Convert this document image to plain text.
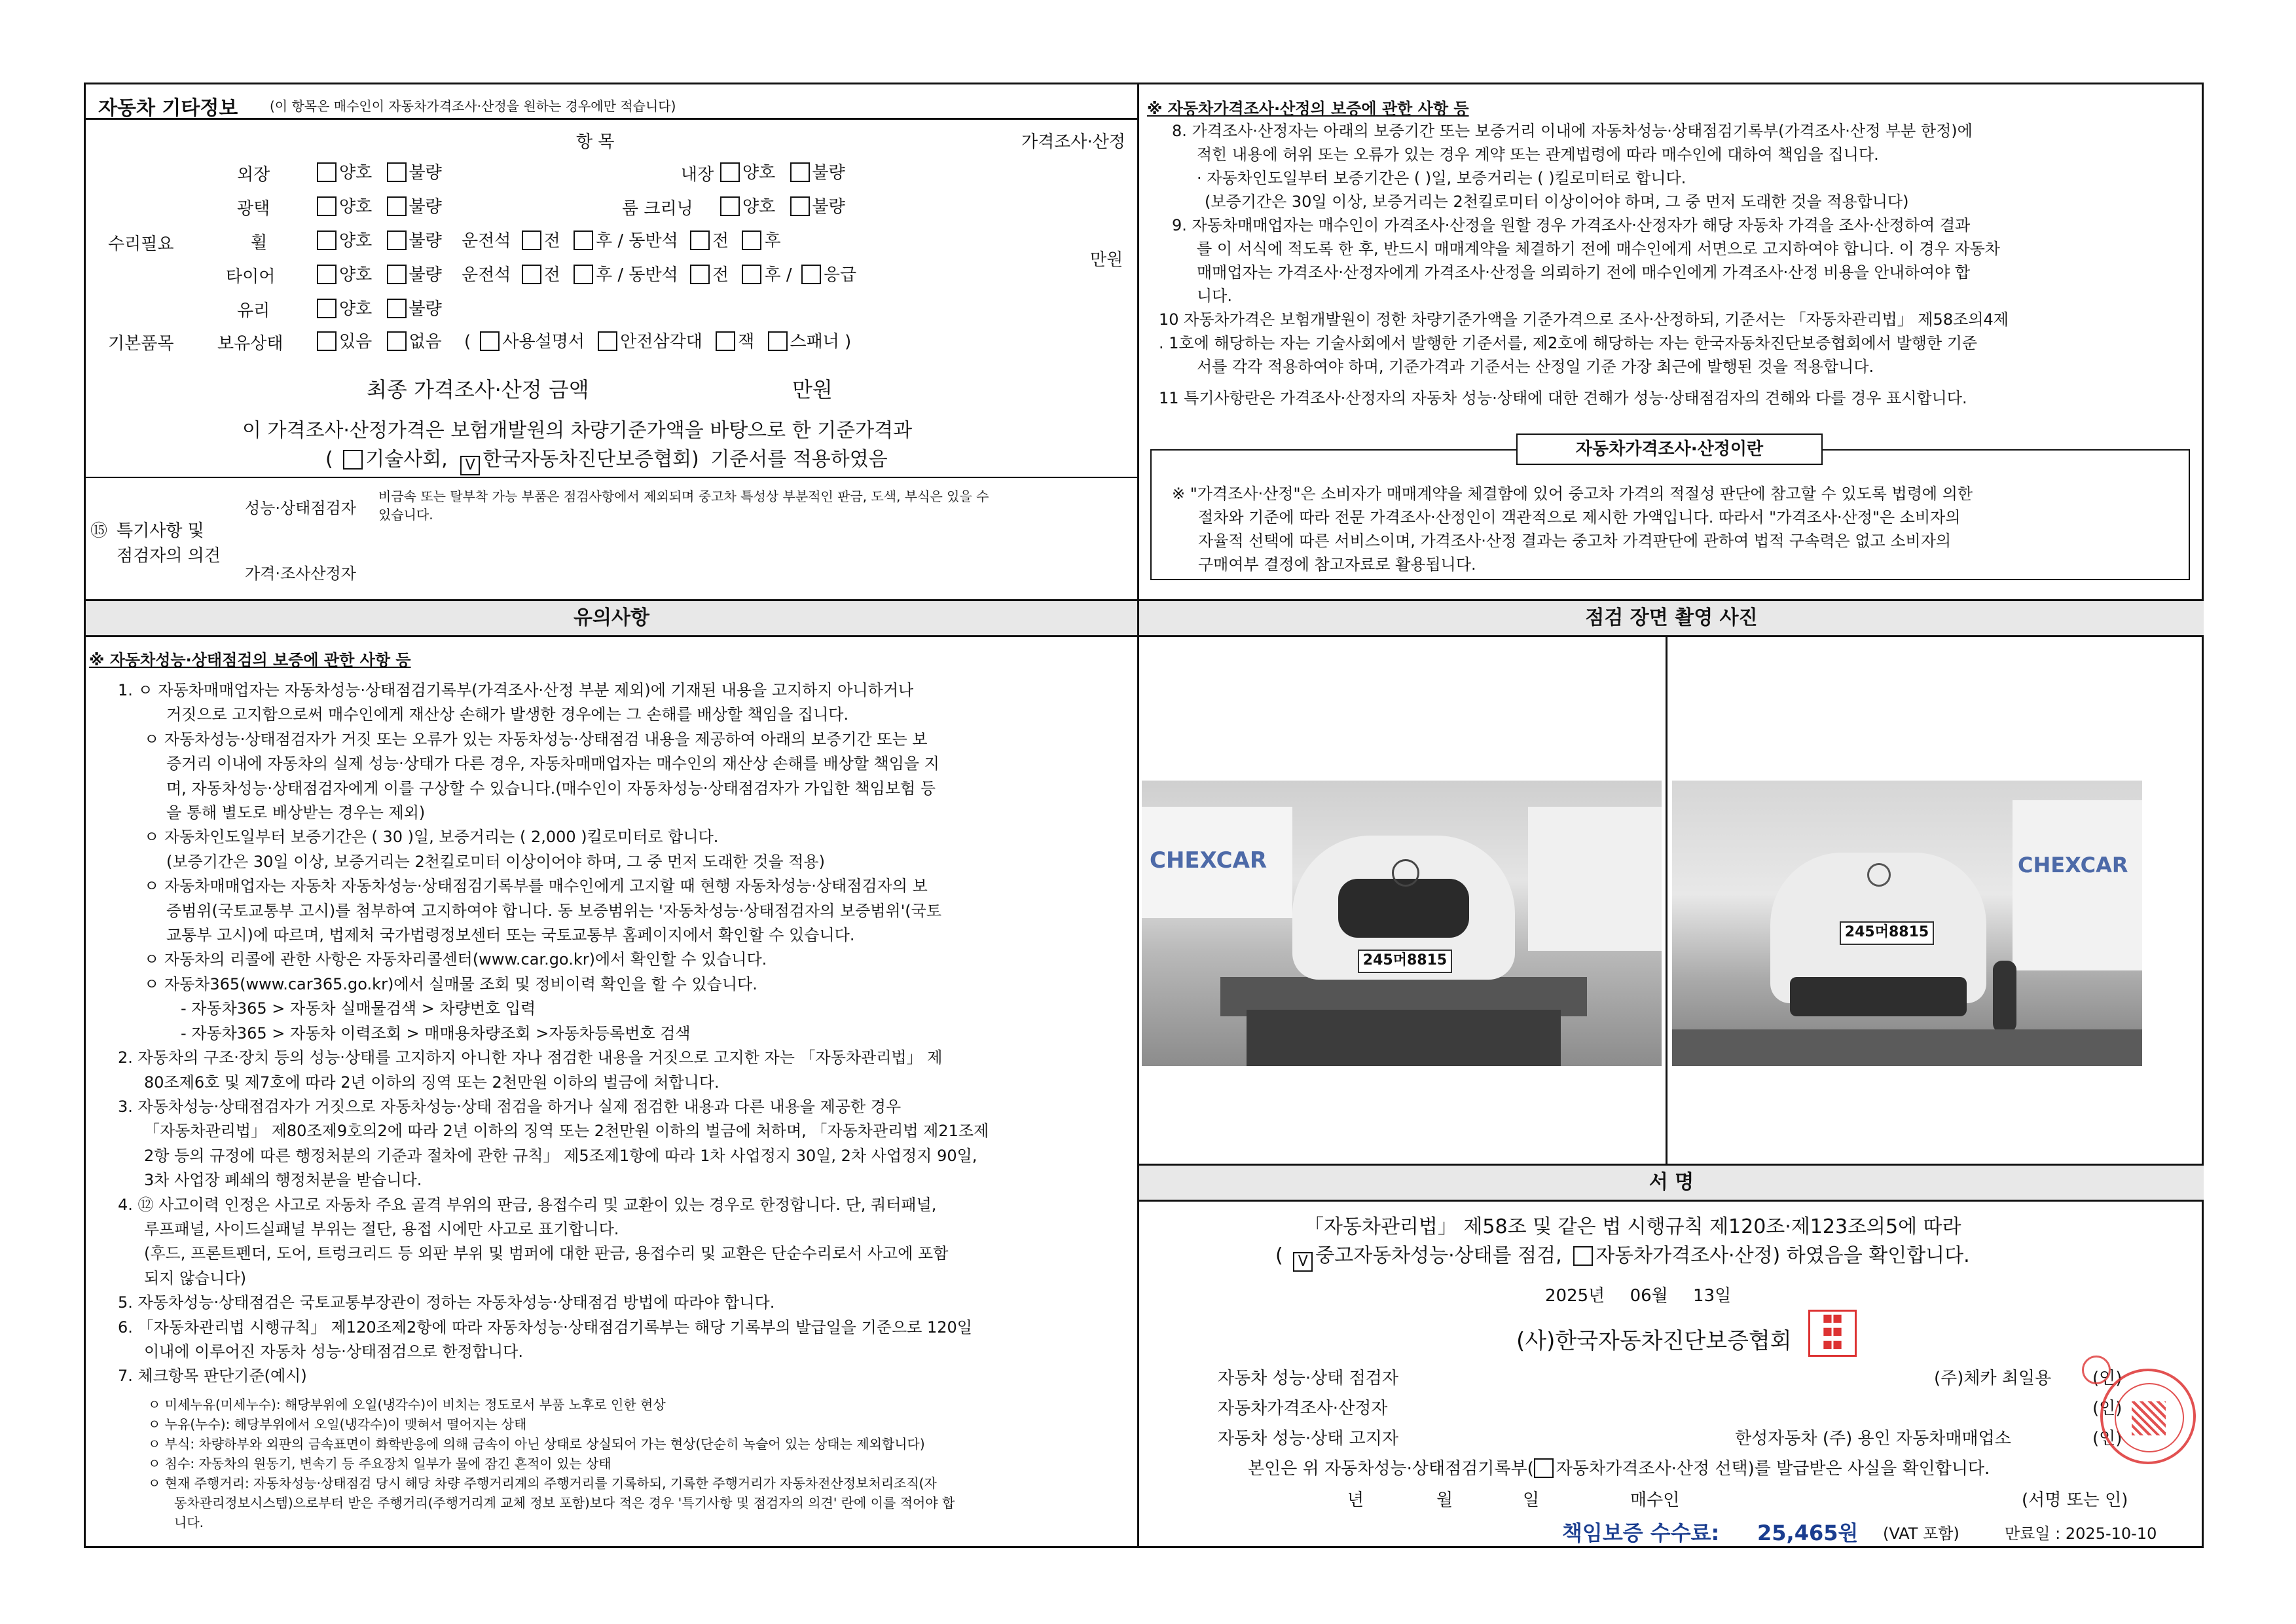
자동차 기타정보 (이 항목은 매수인이 자동차가격조사·산정을 원하는 경우에만 적습니다)
항 목	가격조사·산정
수리필요
외장	양호 불량	내장	양호 불량
광택	양호 불량	룸 크리닝	양호 불량
휠	양호 불량 운전석 전 후 / 동반석 전 후
타이어	양호 불량 운전석 전 후 / 동반석 전 후 / 응급
만원
유리	양호 불량
기본품목	보유상태	있음 없음 ( 사용설명서 안전삼각대 잭 스패너 )
최종 가격조사·산정 금액	만원
이 가격조사·산정가격은 보험개발원의 차량기준가액을 바탕으로 한 기준가격과
( 기술사회, V 한국자동차진단보증협회) 기준서를 적용하였음
⑮ 특기사항 및
점검자의 의견
성능·상태점검자
비금속 또는 탈부착 가능 부품은 점검사항에서 제외되며 중고차 특성상 부분적인 판금, 도색, 부식은 있을 수
있습니다.
가격·조사산정자
※ 자동차가격조사·산정의 보증에 관한 사항 등
8. 가격조사·산정자는 아래의 보증기간 또는 보증거리 이내에 자동차성능·상태점검기록부(가격조사·산정 부분 한정)에
적힌 내용에 허위 또는 오류가 있는 경우 계약 또는 관계법령에 따라 매수인에 대하여 책임을 집니다.
· 자동차인도일부터 보증기간은 ( )일, 보증거리는 ( )킬로미터로 합니다.
(보증기간은 30일 이상, 보증거리는 2천킬로미터 이상이어야 하며, 그 중 먼저 도래한 것을 적용합니다)
9. 자동차매매업자는 매수인이 가격조사·산정을 원할 경우 가격조사·산정자가 해당 자동차 가격을 조사·산정하여 결과
를 이 서식에 적도록 한 후, 반드시 매매계약을 체결하기 전에 매수인에게 서면으로 고지하여야 합니다. 이 경우 자동차
매매업자는 가격조사·산정자에게 가격조사·산정을 의뢰하기 전에 매수인에게 가격조사·산정 비용을 안내하여야 합
니다.
10 자동차가격은 보험개발원이 정한 차량기준가액을 기준가격으로 조사·산정하되, 기준서는 「자동차관리법」 제58조의4제
. 1호에 해당하는 자는 기술사회에서 발행한 기준서를, 제2호에 해당하는 자는 한국자동차진단보증협회에서 발행한 기준
서를 각각 적용하여야 하며, 기준가격과 기준서는 산정일 기준 가장 최근에 발행된 것을 적용합니다.
11 특기사항란은 가격조사·산정자의 자동차 성능·상태에 대한 견해가 성능·상태점검자의 견해와 다를 경우 표시합니다.
자동차가격조사·산정이란
※ "가격조사·산정"은 소비자가 매매계약을 체결함에 있어 중고차 가격의 적절성 판단에 참고할 수 있도록 법령에 의한
절차와 기준에 따라 전문 가격조사·산정인이 객관적으로 제시한 가액입니다. 따라서 "가격조사·산정"은 소비자의
자율적 선택에 따른 서비스이며, 가격조사·산정 결과는 중고차 가격판단에 관하여 법적 구속력은 없고 소비자의
구매여부 결정에 참고자료로 활용됩니다.
유의사항
※ 자동차성능·상태점검의 보증에 관한 사항 등
1. ㅇ 자동차매매업자는 자동차성능·상태점검기록부(가격조사·산정 부분 제외)에 기재된 내용을 고지하지 아니하거나
거짓으로 고지함으로써 매수인에게 재산상 손해가 발생한 경우에는 그 손해를 배상할 책임을 집니다.
ㅇ 자동차성능·상태점검자가 거짓 또는 오류가 있는 자동차성능·상태점검 내용을 제공하여 아래의 보증기간 또는 보
증거리 이내에 자동차의 실제 성능·상태가 다른 경우, 자동차매매업자는 매수인의 재산상 손해를 배상할 책임을 지
며, 자동차성능·상태점검자에게 이를 구상할 수 있습니다.(매수인이 자동차성능·상태점검자가 가입한 책임보험 등
을 통해 별도로 배상받는 경우는 제외)
ㅇ 자동차인도일부터 보증기간은 ( 30 )일, 보증거리는 ( 2,000 )킬로미터로 합니다.
(보증기간은 30일 이상, 보증거리는 2천킬로미터 이상이어야 하며, 그 중 먼저 도래한 것을 적용)
ㅇ 자동차매매업자는 자동차 자동차성능·상태점검기록부를 매수인에게 고지할 때 현행 자동차성능·상태점검자의 보
증범위(국토교통부 고시)를 첨부하여 고지하여야 합니다. 동 보증범위는 '자동차성능·상태점검자의 보증범위'(국토
교통부 고시)에 따르며, 법제처 국가법령정보센터 또는 국토교통부 홈페이지에서 확인할 수 있습니다.
ㅇ 자동차의 리콜에 관한 사항은 자동차리콜센터(www.car.go.kr)에서 확인할 수 있습니다.
ㅇ 자동차365(www.car365.go.kr)에서 실매물 조회 및 정비이력 확인을 할 수 있습니다.
- 자동차365 > 자동차 실매물검색 > 차량번호 입력
- 자동차365 > 자동차 이력조회 > 매매용차량조회 >자동차등록번호 검색
2. 자동차의 구조·장치 등의 성능·상태를 고지하지 아니한 자나 점검한 내용을 거짓으로 고지한 자는 「자동차관리법」 제
80조제6호 및 제7호에 따라 2년 이하의 징역 또는 2천만원 이하의 벌금에 처합니다.
3. 자동차성능·상태점검자가 거짓으로 자동차성능·상태 점검을 하거나 실제 점검한 내용과 다른 내용을 제공한 경우
「자동차관리법」 제80조제9호의2에 따라 2년 이하의 징역 또는 2천만원 이하의 벌금에 처하며, 「자동차관리법 제21조제
2항 등의 규정에 따른 행정처분의 기준과 절차에 관한 규칙」 제5조제1항에 따라 1차 사업정지 30일, 2차 사업정지 90일,
3차 사업장 폐쇄의 행정처분을 받습니다.
4. ⑫ 사고이력 인정은 사고로 자동차 주요 골격 부위의 판금, 용접수리 및 교환이 있는 경우로 한정합니다. 단, 쿼터패널,
루프패널, 사이드실패널 부위는 절단, 용접 시에만 사고로 표기합니다.
(후드, 프론트펜더, 도어, 트렁크리드 등 외판 부위 및 범퍼에 대한 판금, 용접수리 및 교환은 단순수리로서 사고에 포함
되지 않습니다)
5. 자동차성능·상태점검은 국토교통부장관이 정하는 자동차성능·상태점검 방법에 따라야 합니다.
6. 「자동차관리법 시행규칙」 제120조제2항에 따라 자동차성능·상태점검기록부는 해당 기록부의 발급일을 기준으로 120일
이내에 이루어진 자동차 성능·상태점검으로 한정합니다.
7. 체크항목 판단기준(예시)
ㅇ 미세누유(미세누수): 해당부위에 오일(냉각수)이 비치는 정도로서 부품 노후로 인한 현상
ㅇ 누유(누수): 해당부위에서 오일(냉각수)이 맺혀서 떨어지는 상태
ㅇ 부식: 차량하부와 외판의 금속표면이 화학반응에 의해 금속이 아닌 상태로 상실되어 가는 현상(단순히 녹슬어 있는 상태는 제외합니다)
ㅇ 침수: 자동차의 원동기, 변속기 등 주요장치 일부가 물에 잠긴 흔적이 있는 상태
ㅇ 현재 주행거리: 자동차성능·상태점검 당시 해당 차량 주행거리계의 주행거리를 기록하되, 기록한 주행거리가 자동차전산정보처리조직(자
동차관리정보시스템)으로부터 받은 주행거리(주행거리계 교체 정보 포함)보다 적은 경우 '특기사항 및 점검자의 의견' 란에 이를 적어야 합
니다.
점검 장면 촬영 사진
CHEXCAR
245머8815
CHEXCAR
245머8815
서 명
「자동차관리법」 제58조 및 같은 법 시행규칙 제120조·제123조의5에 따라
( V 중고자동차성능·상태를 점검, 자동차가격조사·산정) 하였음을 확인합니다.
2025년 06월 13일
(사)한국자동차진단보증협회
■■
■■
■■
자동차 성능·상태 점검자	(주)체카 최일용 (인)
자동차가격조사·산정자	(인)
자동차 성능·상태 고지자	한성자동차 (주) 용인 자동차매매업소	(인)
본인은 위 자동차성능·상태점검기록부( 자동차가격조사·산정 선택)를 발급받은 사실을 확인합니다.
년	월	일	매수인	(서명 또는 인)
책임보증 수수료: 25,465원 (VAT 포함)	만료일 : 2025-10-10
